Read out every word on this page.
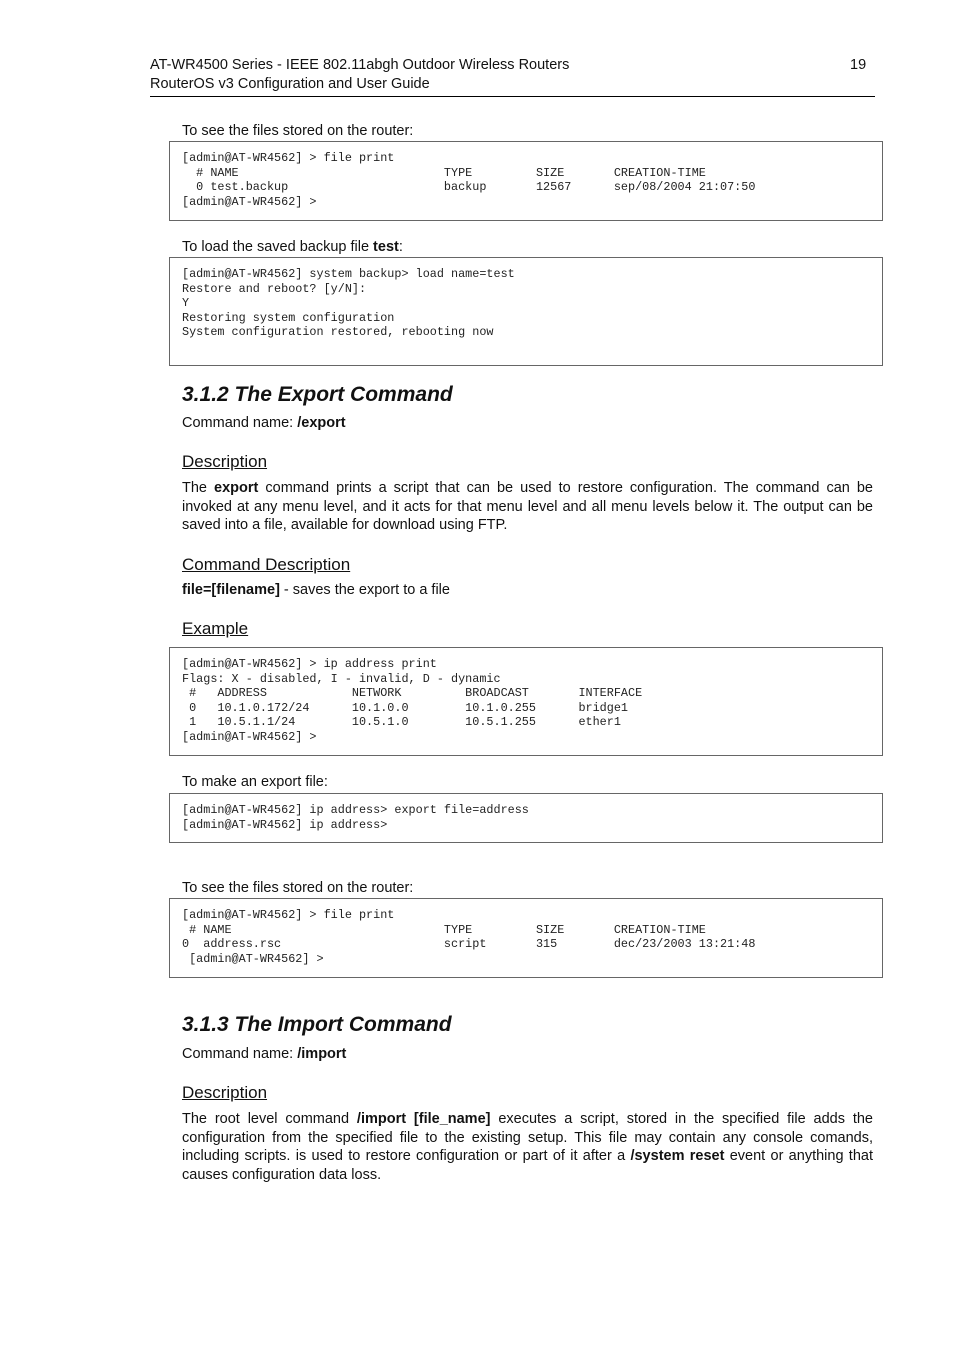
AT-WR4500 Series - IEEE 802.11abgh Outdoor Wireless Routers
RouterOS v3 Configuration and User Guide
19
To see the files stored on the router:
[admin@AT-WR4562] > file print
# NAME                             TYPE         SIZE       CREATION-TIME
0 test.backup                      backup       12567      sep/08/2004 21:07:50
[admin@AT-WR4562] >
To load the saved backup file test:
[admin@AT-WR4562] system backup> load name=test
Restore and reboot? [y/N]:
Y
Restoring system configuration
System configuration restored, rebooting now
3.1.2 The Export Command
Command name: /export
Description
The export command prints a script that can be used to restore configuration. The command can be invoked at any menu level, and it acts for that menu level and all menu levels below it. The output can be saved into a file, available for download using FTP.
Command Description
file=[filename] - saves the export to a file
Example
[admin@AT-WR4562] > ip address print
Flags: X - disabled, I - invalid, D - dynamic
#   ADDRESS            NETWORK         BROADCAST       INTERFACE
0   10.1.0.172/24      10.1.0.0        10.1.0.255      bridge1
1   10.5.1.1/24        10.5.1.0        10.5.1.255      ether1
[admin@AT-WR4562] >
To make an export file:
[admin@AT-WR4562] ip address> export file=address
[admin@AT-WR4562] ip address>
To see the files stored on the router:
[admin@AT-WR4562] > file print
# NAME                              TYPE         SIZE       CREATION-TIME
0  address.rsc                       script       315        dec/23/2003 13:21:48
[admin@AT-WR4562] >
3.1.3 The Import Command
Command name: /import
Description
The root level command /import [file_name] executes a script, stored in the specified file adds the configuration from the specified file to the existing setup. This file may contain any console comands, including scripts. is used to restore configuration or part of it after a /system reset event or anything that causes configuration data loss.
